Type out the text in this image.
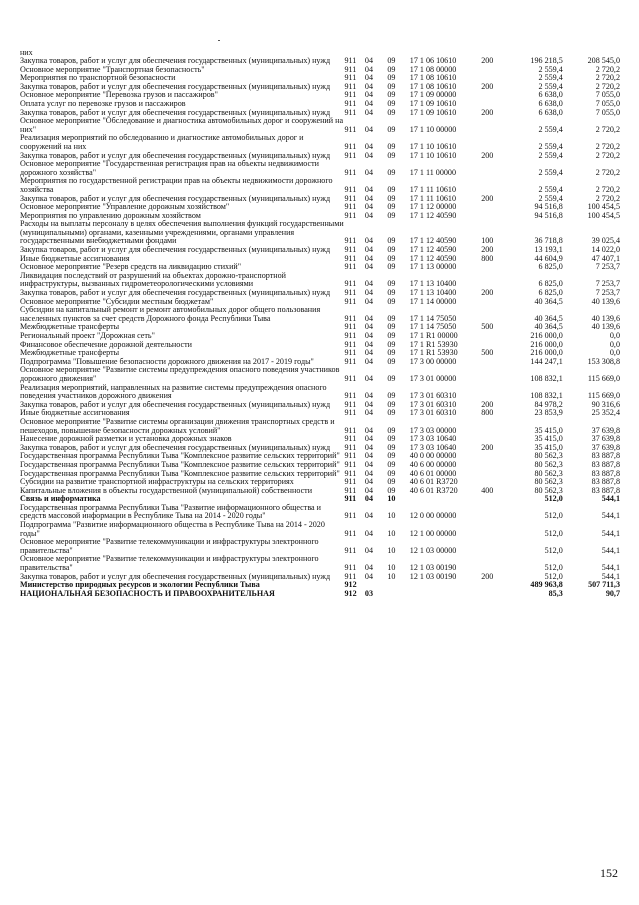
них
Закупка товаров, работ и услуг для обеспечения государственных (муниципальных) нужд	911	04	09	17 1 06 10610	200	196 218,5	208 545,0
Основное мероприятие "Транспортная безопасность"	911	04	09	17 1 08 00000		2 559,4	2 720,2
Мероприятия по транспортной безопасности	911	04	09	17 1 08 10610		2 559,4	2 720,2
Закупка товаров, работ и услуг для обеспечения государственных (муниципальных) нужд	911	04	09	17 1 08 10610	200	2 559,4	2 720,2
Основное мероприятие "Перевозка грузов и пассажиров"	911	04	09	17 1 09 00000		6 638,0	7 055,0
Оплата услуг по перевозке грузов и пассажиров	911	04	09	17 1 09 10610		6 638,0	7 055,0
Закупка товаров, работ и услуг для обеспечения государственных (муниципальных) нужд	911	04	09	17 1 09 10610	200	6 638,0	7 055,0
Основное мероприятие "Обследование и диагностика автомобильных дорог и сооружений на них"	911	04	09	17 1 10 00000		2 559,4	2 720,2
Реализация мероприятий по обследованию и диагностике автомобильных дорог и сооружений на них	911	04	09	17 1 10 10610		2 559,4	2 720,2
Закупка товаров, работ и услуг для обеспечения государственных (муниципальных) нужд	911	04	09	17 1 10 10610	200	2 559,4	2 720,2
Основное мероприятие "Государственная регистрация прав на объекты недвижимости дорожного хозяйства"	911	04	09	17 1 11 00000		2 559,4	2 720,2
Мероприятия по государственной регистрации прав на объекты недвижимости дорожного хозяйства	911	04	09	17 1 11 10610		2 559,4	2 720,2
Закупка товаров, работ и услуг для обеспечения государственных (муниципальных) нужд	911	04	09	17 1 11 10610	200	2 559,4	2 720,2
Основное мероприятие "Управление дорожным хозяйством"	911	04	09	17 1 12 00000		94 516,8	100 454,5
Мероприятия по управлению дорожным хозяйством	911	04	09	17 1 12 40590		94 516,8	100 454,5
Расходы на выплаты персоналу в целях обеспечения выполнения функций государственными (муниципальными) органами, казенными учреждениями, органами управления государственными внебюджетными фондами	911	04	09	17 1 12 40590	100	36 718,8	39 025,4
Закупка товаров, работ и услуг для обеспечения государственных (муниципальных) нужд	911	04	09	17 1 12 40590	200	13 193,1	14 022,0
Иные бюджетные ассигнования	911	04	09	17 1 12 40590	800	44 604,9	47 407,1
Основное мероприятие "Резерв средств на ликвидацию стихий"	911	04	09	17 1 13 00000		6 825,0	7 253,7
Ликвидация последствий от разрушений на объектах дорожно-транспортной инфраструктуры, вызванных гидрометеорологическими условиями	911	04	09	17 1 13 10400		6 825,0	7 253,7
Закупка товаров, работ и услуг для обеспечения государственных (муниципальных) нужд	911	04	09	17 1 13 10400	200	6 825,0	7 253,7
Основное мероприятие "Субсидии местным бюджетам"	911	04	09	17 1 14 00000		40 364,5	40 139,6
Субсидии на капитальный ремонт и ремонт автомобильных дорог общего пользования населенных пунктов за счет средств Дорожного фонда Республики Тыва	911	04	09	17 1 14 75050		40 364,5	40 139,6
Межбюджетные трансферты	911	04	09	17 1 14 75050	500	40 364,5	40 139,6
Региональный проект "Дорожная сеть"	911	04	09	17 1 R1 00000		216 000,0	0,0
Финансовое обеспечение дорожной деятельности	911	04	09	17 1 R1 53930		216 000,0	0,0
Межбюджетные трансферты	911	04	09	17 1 R1 53930	500	216 000,0	0,0
Подпрограмма "Повышение безопасности дорожного движения на 2017 - 2019 годы"	911	04	09	17 3 00 00000		144 247,1	153 308,8
Основное мероприятие "Развитие системы предупреждения опасного поведения участников дорожного движения"	911	04	09	17 3 01 00000		108 832,1	115 669,0
Реализация мероприятий, направленных на развитие системы предупреждения опасного поведения участников дорожного движения	911	04	09	17 3 01 60310		108 832,1	115 669,0
Закупка товаров, работ и услуг для обеспечения государственных (муниципальных) нужд	911	04	09	17 3 01 60310	200	84 978,2	90 316,6
Иные бюджетные ассигнования	911	04	09	17 3 01 60310	800	23 853,9	25 352,4
Основное мероприятие "Развитие системы организации движения транспортных средств и пешеходов, повышение безопасности дорожных условий"	911	04	09	17 3 03 00000		35 415,0	37 639,8
Нанесение дорожной разметки и установка дорожных знаков	911	04	09	17 3 03 10640		35 415,0	37 639,8
Закупка товаров, работ и услуг для обеспечения государственных (муниципальных) нужд	911	04	09	17 3 03 10640	200	35 415,0	37 639,8
Государственная программа Республики Тыва "Комплексное развитие сельских территорий"	911	04	09	40 0 00 00000		80 562,3	83 887,8
Государственная программа Республики Тыва "Комплексное развитие сельских территорий"	911	04	09	40 6 00 00000		80 562,3	83 887,8
Государственная программа Республики Тыва "Комплексное развитие сельских территорий"	911	04	09	40 6 01 00000		80 562,3	83 887,8
Субсидии на развитие транспортной инфраструктуры на сельских территориях	911	04	09	40 6 01 R3720		80 562,3	83 887,8
Капитальные вложения в объекты государственной (муниципальной) собственности	911	04	09	40 6 01 R3720	400	80 562,3	83 887,8
Связь и информатика	911	04	10			512,0	544,1
Государственная программа Республики Тыва "Развитие информационного общества и средств массовой информации в Республике Тыва на 2014 - 2020 годы"	911	04	10	12 0 00 00000		512,0	544,1
Подпрограмма "Развитие информационного общества в Республике Тыва на 2014 - 2020 годы"	911	04	10	12 1 00 00000		512,0	544,1
Основное мероприятие "Развитие телекоммуникации и инфраструктуры электронного правительства"	911	04	10	12 1 03 00000		512,0	544,1
Основное мероприятие "Развитие телекоммуникации и инфраструктуры электронного правительства"	911	04	10	12 1 03 00190		512,0	544,1
Закупка товаров, работ и услуг для обеспечения государственных (муниципальных) нужд	911	04	10	12 1 03 00190	200	512,0	544,1
Министерство природных ресурсов и экологии Республики Тыва	912					489 963,8	507 711,3
НАЦИОНАЛЬНАЯ БЕЗОПАСНОСТЬ И ПРАВООХРАНИТЕЛЬНАЯ	912	03				85,3	90,7
152
